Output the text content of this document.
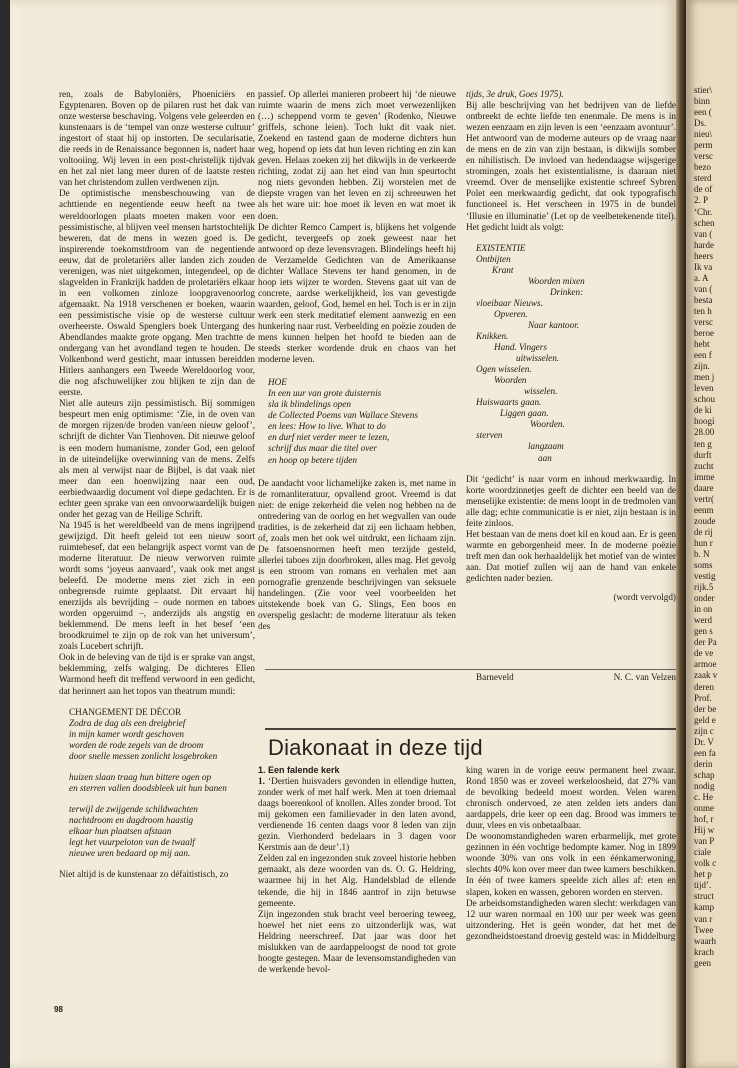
ren, zoals de Babyloniërs, Phoeniciërs en Egyptenaren. Boven op de pilaren rust het dak van onze westerse beschaving. Volgens vele geleerden en kunstenaars is de ‘tempel van onze westerse cultuur’ ingestort of staat hij op instorten. De secularisatie, die reeds in de Renaissance begonnen is, nadert haar voltooiing. Wij leven in een post-christelijk tijdvak en het zal niet lang meer duren of de laatste resten van het christendom zullen verdwenen zijn.

De optimistische mensbeschouwing van de achttiende en negentiende eeuw heeft na twee wereldoorlogen plaats moeten maken voor een pessimistische, al blijven veel mensen hartstochtelijk beweren, dat de mens in wezen goed is. De inspirerende toekomstdroom van de negentiende eeuw, dat de proletariërs aller landen zich zouden verenigen, was niet uitgekomen, integendeel, op de slagvelden in Frankrijk hadden de proletariërs elkaar in een volkomen zinloze loopgravenoorlog afgemaakt. Na 1918 verschenen er boeken, waarin een pessimistische visie op de westerse cultuur overheerste. Oswald Spenglers boek Untergang des Abendlandes maakte grote opgang. Men trachtte de ondergang van het avondland tegen te houden. De Volkenbond werd gesticht, maar intussen bereidden Hitlers aanhangers een Tweede Wereldoorlog voor, die nog afschuwelijker zou blijken te zijn dan de eerste.

Niet alle auteurs zijn pessimistisch. Bij sommigen bespeurt men enig optimisme: ‘Zie, in de oven van de morgen rijzen/de broden van/een nieuw geloof’, schrijft de dichter Van Tienhoven. Dit nieuwe geloof is een modern humanisme, zonder God, een geloof in de uiteindelijke overwinning van de mens. Zelfs als men al verwijst naar de Bijbel, is dat vaak niet meer dan een hoenwijzing naar een oud, eerbiedwaardig document vol diepe gedachten. Er is echter geen sprake van een onvoorwaardelijk buigen onder het gezag van de Heilige Schrift.

Na 1945 is het wereldbeeld van de mens ingrijpend gewijzigd. Dit heeft geleid tot een nieuw soort ruimtebesef, dat een belangrijk aspect vormt van de moderne literatuur. De nieuw verworven ruimte wordt soms ‘joyeus aanvaard’, vaak ook met angst beleefd. De moderne mens ziet zich in een onbegrensde ruimte geplaatst. Dit ervaart hij enerzijds als bevrijding – oude normen en taboes worden opgeruimd –, anderzijds als angstig en beklemmend. De mens leeft in het besef ‘een broodkruimel te zijn op de rok van het universum’, zoals Lucebert schrijft.

Ook in de beleving van de tijd is er sprake van angst, beklemming, zelfs walging. De dichteres Ellen Warmond heeft dit treffend verwoord in een gedicht, dat herinnert aan het topos van theatrum mundi:

CHANGEMENT DE DÉCOR
Zodra de dag als een dreigbrief
in mijn kamer wordt geschoven
worden de rode zegels van de droom
door snelle messen zonlicht losgebroken
huizen slaan traag hun bittere ogen op
en sterren vallen doodsbleek uit hun banen
terwijl de zwijgende schildwachten
nachtdroom en dagdroom haastig
elkaar hun plaatsen afstaan
legt het vuurpeloton van de twaalf
nieuwe uren bedaard op mij aan.

Niet altijd is de kunstenaar zo défaitistisch, zo

passief. Op allerlei manieren probeert hij ‘de nieuwe ruimte waarin de mens zich moet verwezenlijken (…) scheppend vorm te geven’ (Rodenko, Nieuwe griffels, schone leien). Toch lukt dit vaak niet. Zoekend en tastend gaan de moderne dichters hun weg, hopend op iets dat hun leven richting en zin kan geven. Helaas zoeken zij het dikwijls in de verkeerde richting, zodat zij aan het eind van hun speurtocht nog niets gevonden hebben. Zij worstelen met de diepste vragen van het leven en zij schreeuwen het als het ware uit: hoe moet ik leven en wat moet ik doen.

De dichter Remco Campert is, blijkens het volgende gedicht, tevergeefs op zoek geweest naar het antwoord op deze levensvragen. Blindelings heeft hij de Verzamelde Gedichten van de Amerikaanse dichter Wallace Stevens ter hand genomen, in de hoop iets wijzer te worden. Stevens gaat uit van de concrete, aardse werkelijkheid, los van gevestigde waarden, geloof, God, hemel en hel. Toch is er in zijn werk een sterk meditatief element aanwezig en een hunkering naar rust. Verbeelding en poëzie zouden de mens kunnen helpen het hoofd te bieden aan de steeds sterker wordende druk en chaos van het moderne leven.

HOE
In een uur van grote duisternis
sla ik blindelings open
de Collected Poems van Wallace Stevens
en lees: How to live. What to do
en durf niet verder meer te lezen,
schrijf dus maar die titel over
en hoop op betere tijden

De aandacht voor lichamelijke zaken is, met name in de romanliteratuur, opvallend groot. Vreemd is dat niet: de enige zekerheid die velen nog hebben na de ontredering van de oorlog en het wegvallen van oude tradities, is de zekerheid dat zij een lichaam hebben, of, zoals men het ook wel uitdrukt, een lichaam zijn. De fatsoensnormen heeft men terzijde gesteld, allerlei taboes zijn doorbroken, alles mag. Het gevolg is een stroom van romans en verhalen met aan pornografie grenzende beschrijvingen van seksuele handelingen. (Zie voor veel voorbeelden het uitstekende boek van G. Slings, Een boos en overspelig geslacht: de moderne literatuur als teken des

tijds, 3e druk, Goes 1975).

Bij alle beschrijving van het bedrijven van de liefde ontbreekt de echte liefde ten enenmale. De mens is in wezen eenzaam en zijn leven is een ‘eenzaam avontuur’. Het antwoord van de moderne auteurs op de vraag naar de mens en de zin van zijn bestaan, is dikwijls somber en nihilistisch. De invloed van hedendaagse wijsgerige stromingen, zoals het existentialisme, is daaraan niet vreemd. Over de menselijke existentie schreef Sybren Polet een merkwaardig gedicht, dat ook typografisch functioneel is. Het verscheen in 1975 in de bundel ‘Illusie en illuminatie’ (Let op de veelbetekenende titel). Het gedicht luidt als volgt:

EXISTENTIE
Ontbijten
Krant
Woorden mixen
Drinken:
vloeibaar Nieuws.
Opveren.
Naar kantoor.
Knikken.
Hand. Vingers
uitwisselen.
Ogen wisselen.
Woorden
wisselen.
Huiswaarts gaan.
Liggen gaan.
Woorden.
sterven
langzaam
aan

Dit ‘gedicht’ is naar vorm en inhoud merkwaardig. In korte woordzinnetjes geeft de dichter een beeld van de menselijke existentie: de mens loopt in de tredmolen van alle dag; echte communicatie is er niet, zijn bestaan is in feite zinloos.

Het bestaan van de mens doet kil en koud aan. Er is geen warmte en geborgenheid meer. In de moderne poëzie treft men dan ook herhaaldelijk het motief van de winter aan. Dat motief zullen wij aan de hand van enkele gedichten nader bezien.

(wordt vervolgd)

Barneveld	N. C. van Velzen
Diakonaat in deze tijd

1. Een falende kerk

1. ‘Dertien huisvaders gevonden in ellendige hutten, zonder werk of met half werk. Men at toen driemaal daags boerenkool of knollen. Alles zonder brood. Tot mij gekomen een familievader in den laten avond, verdienende 16 centen daags voor 8 leden van zijn gezin. Vierhonderd bedelaars in 3 dagen voor Kerstmis aan de deur’.1)

Zelden zal en ingezonden stuk zoveel historie hebben gemaakt, als deze woorden van ds. O. G. Heldring, waarmee hij in het Alg. Handelsblad de ellende tekende, die hij in 1846 aantrof in zijn betuwse gemeente.

Zijn ingezonden stuk bracht veel beroering teweeg, hoewel het niet eens zo uitzonderlijk was, wat Heldring neerschreef. Dat jaar was door het mislukken van de aardappeloogst de nood tot grote hoogte gestegen. Maar de levensomstandigheden van de werkende bevol-

king waren in de vorige eeuw permanent heel zwaar. Rond 1850 was er zoveel werkeloosheid, dat 27% van de bevolking bedeeld moest worden. Velen waren chronisch ondervoed, ze aten zelden iets anders dan aardappels, drie keer op een dag. Brood was immers te duur, vlees en vis onbetaalbaar.

De woonomstandigheden waren erbarmelijk, met grote gezinnen in één vochtige bedompte kamer. Nog in 1899 woonde 30% van ons volk in een éénkamerwoning, slechts 40% kon over meer dan twee kamers beschikken. In één of twee kamers speelde zich alles af: eten en slapen, koken en wassen, geboren worden en sterven.

De arbeidsomstandigheden waren slecht: werkdagen van 12 uur waren normaal en 100 uur per week was geen uitzondering. Het is geën wonder, dat het met de gezondheidstoestand droevig gesteld was: in Middelburg

98
stier\
binn
een (
Ds.
nieu\
perm
versc
bezo
sterd
de of
2. P
‘Chr.
schen
van (
harde
heers
Ik va
a. A
van (
besta
ten h
versc
beroe
hebt
een f
zijn.
men j
leven
schou
de ki
hoogi
28.00
ten g
durft
zucht
imme
daare
vertr(
eenm
zoude
de rij
hun r
b. N
soms
vestig
rijk.5
onder
in on
werd
gen s
der Pa
de ve
armoe
zaak v
deren
Prof.
der be
geld e
zijn c
Dr. V
een fa
derin
schap
nodig
c. He
onme
hof, r
Hij w
van P
ciale
volk c
het p
tijd’.
struct
kamp
van r
Twee
waarh
krach
geen
